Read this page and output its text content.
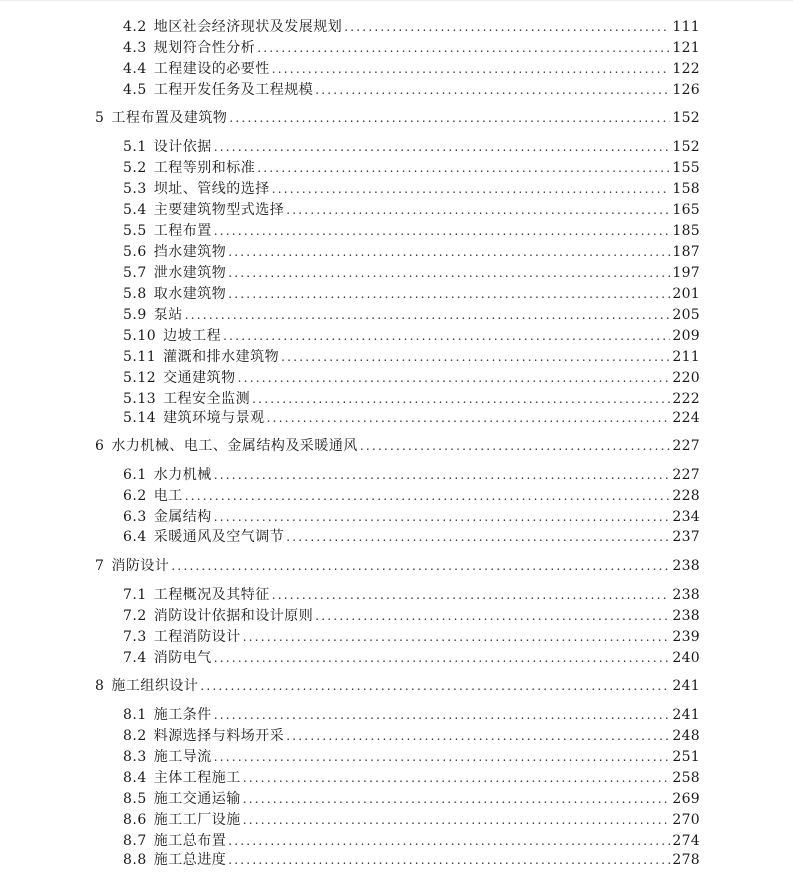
4.2 地区社会经济现状及发展规划 .....	111
4.3 规划符合性分析 .....	121
4.4 工程建设的必要性 .....	122
4.5 工程开发任务及工程规模 .....	126
5 工程布置及建筑物 .....	152
5.1 设计依据 .....	152
5.2 工程等别和标准 .....	155
5.3 坝址、管线的选择 .....	158
5.4 主要建筑物型式选择 .....	165
5.5 工程布置 .....	185
5.6 挡水建筑物 .....	187
5.7 泄水建筑物 .....	197
5.8 取水建筑物 .....	201
5.9 泵站 .....	205
5.10 边坡工程 .....	209
5.11 灌溉和排水建筑物 .....	211
5.12 交通建筑物 .....	220
5.13 工程安全监测 .....	222
5.14 建筑环境与景观 .....	224
6 水力机械、电工、金属结构及采暖通风 .....	227
6.1 水力机械 .....	227
6.2 电工 .....	228
6.3 金属结构 .....	234
6.4 采暖通风及空气调节 .....	237
7 消防设计 .....	238
7.1 工程概况及其特征 .....	238
7.2 消防设计依据和设计原则 .....	238
7.3 工程消防设计 .....	239
7.4 消防电气 .....	240
8 施工组织设计 .....	241
8.1 施工条件 .....	241
8.2 料源选择与料场开采 .....	248
8.3 施工导流 .....	251
8.4 主体工程施工 .....	258
8.5 施工交通运输 .....	269
8.6 施工工厂设施 .....	270
8.7 施工总布置 .....	274
8.8 施工总进度 .....	278
